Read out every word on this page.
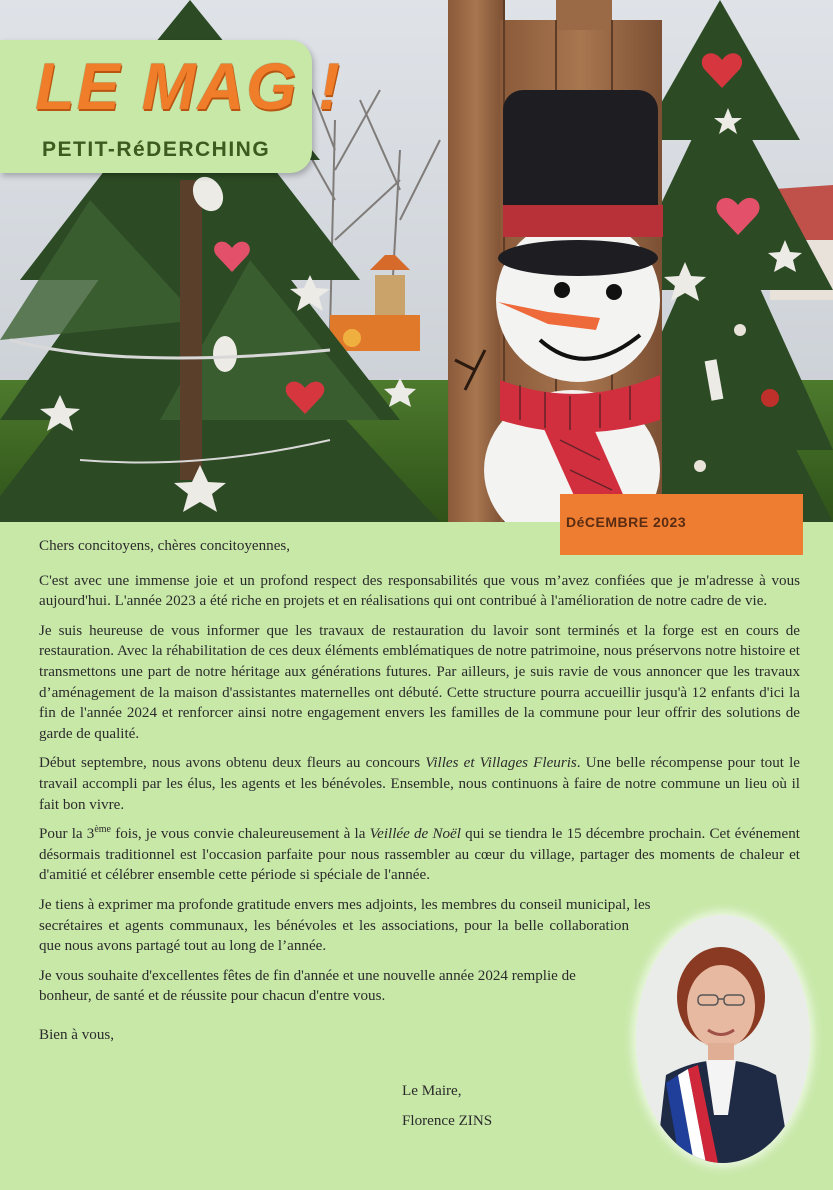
LE MAG !
PETIT-RéDERCHING
DéCEMBRE 2023

Chers concitoyens, chères concitoyennes,

C'est avec une immense joie et un profond respect des responsabilités que vous m’avez confiées que je m'adresse à vous aujourd'hui. L'année 2023 a été riche en projets et en réalisations qui ont contribué à l'amélioration de notre cadre de vie.

Je suis heureuse de vous informer que les travaux de restauration du lavoir sont terminés et la forge est en cours de restauration. Avec la réhabilitation de ces deux éléments emblématiques de notre patrimoine, nous préservons notre histoire et transmettons une part de notre héritage aux générations futures. Par ailleurs, je suis ravie de vous annoncer que les travaux d’aménagement de la maison d'assistantes maternelles ont débuté. Cette structure pourra accueillir jusqu'à 12 enfants d'ici la fin de l'année 2024 et renforcer ainsi notre engagement envers les familles de la commune pour leur offrir des solutions de garde de qualité.

Début septembre, nous avons obtenu deux fleurs au concours Villes et Villages Fleuris. Une belle récompense pour tout le travail accompli par les élus, les agents et les bénévoles. Ensemble, nous continuons à faire de notre commune un lieu où il fait bon vivre.

Pour la 3ème fois, je vous convie chaleureusement à la Veillée de Noël qui se tiendra le 15 décembre prochain. Cet événement désormais traditionnel est l'occasion parfaite pour nous rassembler au cœur du village, partager des moments de chaleur et d'amitié et célébrer ensemble cette période si spéciale de l'année.

Je tiens à exprimer ma profonde gratitude envers mes adjoints, les membres du conseil municipal, les
secrétaires et agents communaux, les bénévoles et les associations, pour la belle collaboration que nous avons partagé tout au long de l’année.

Je vous souhaite d'excellentes fêtes de fin d'année et une nouvelle année 2024 remplie de bonheur, de santé et de réussite pour chacun d'entre vous.

Bien à vous,
Le Maire,
Florence ZINS
